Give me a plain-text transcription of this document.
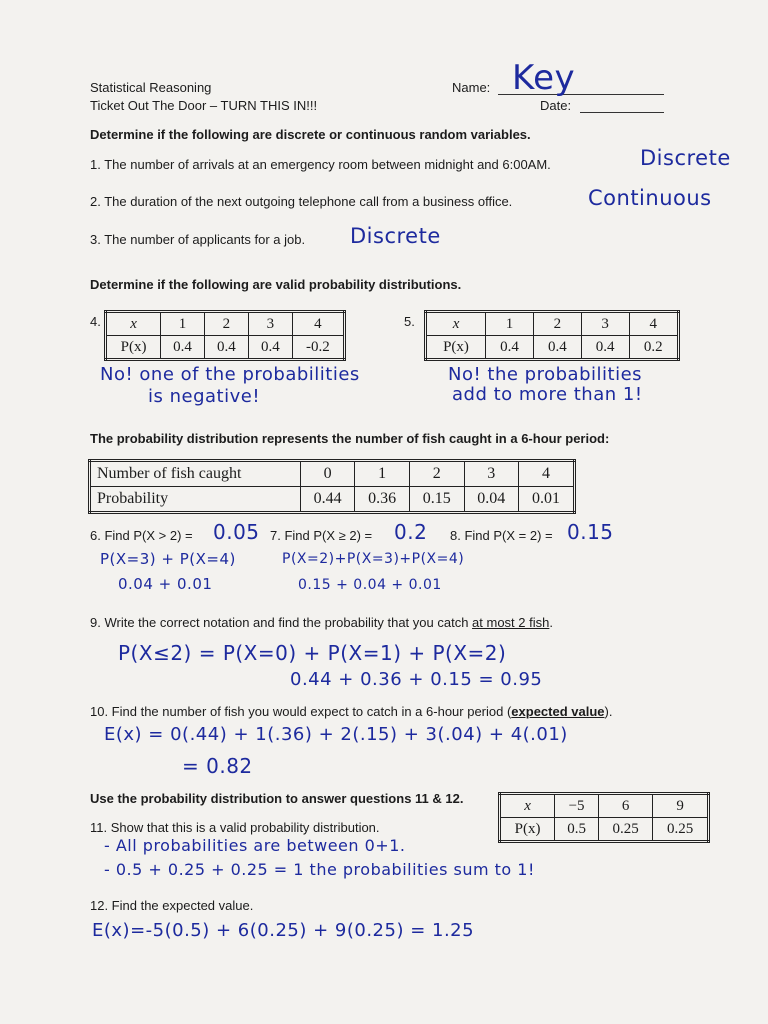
Statistical Reasoning
Ticket Out The Door – TURN THIS IN!!!
Name: Key
Date:
Determine if the following are discrete or continuous random variables.
1. The number of arrivals at an emergency room between midnight and 6:00AM.	Discrete
2. The duration of the next outgoing telephone call from a business office.	Continuous
3. The number of applicants for a job. Discrete
Determine if the following are valid probability distributions.
4. x	1	2	3	4
P(x)	0.4	0.4	0.4	-0.2
No! one of the probabilities
is negative!
5.	x	1	2	3	4
P(x)	0.4	0.4	0.4	0.2
No! the probabilities
add to more than 1!
The probability distribution represents the number of fish caught in a 6-hour period:
Number of fish caught	0	1	2	3	4
Probability	0.44	0.36	0.15	0.04	0.01
6. Find P(X > 2) = 0.05
P(X=3) + P(X=4)
0.04 + 0.01
7. Find P(X ≥ 2) = 0.2
P(X=2)+P(X=3)+P(X=4)
0.15 + 0.04 + 0.01
8. Find P(X = 2) = 0.15
9. Write the correct notation and find the probability that you catch at most 2 fish.
P(X≤2) = P(X=0) + P(X=1) + P(X=2)
0.44 + 0.36 + 0.15 = 0.95
10. Find the number of fish you would expect to catch in a 6-hour period (expected value).
E(x) = 0(.44) + 1(.36) + 2(.15) + 3(.04) + 4(.01)
= 0.82
Use the probability distribution to answer questions 11 & 12.	x	−5	6	9
P(x)	0.5	0.25	0.25
11. Show that this is a valid probability distribution.
- All probabilities are between 0+1.
- 0.5 + 0.25 + 0.25 = 1 the probabilities sum to 1!
12. Find the expected value.
E(x)=-5(0.5) + 6(0.25) + 9(0.25) = 1.25
